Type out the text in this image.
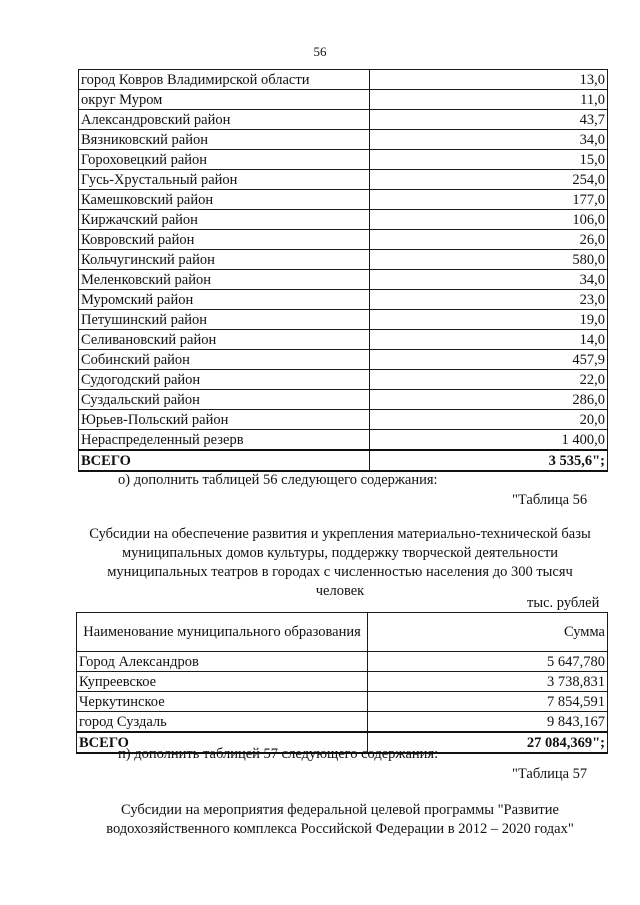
56
город Ковров Владимирской области	13,0
округ Муром	11,0
Александровский район	43,7
Вязниковский район	34,0
Гороховецкий район	15,0
Гусь-Хрустальный район	254,0
Камешковский район	177,0
Киржачский район	106,0
Ковровский район	26,0
Кольчугинский район	580,0
Меленковский район	34,0
Муромский район	23,0
Петушинский район	19,0
Селивановский район	14,0
Собинский район	457,9
Судогодский район	22,0
Суздальский район	286,0
Юрьев-Польский район	20,0
Нераспределенный резерв	1 400,0
ВСЕГО	3 535,6";
о) дополнить таблицей 56 следующего содержания:
"Таблица 56
Субсидии на обеспечение развития и укрепления материально-технической базы
муниципальных домов культуры, поддержку творческой деятельности
муниципальных театров в городах с численностью населения до 300 тысяч
человек
тыс. рублей
Наименование муниципального образования	Сумма
Город Александров	5 647,780
Купреевское	3 738,831
Черкутинское	7 854,591
город Суздаль	9 843,167
ВСЕГО	27 084,369";
п) дополнить таблицей 57 следующего содержания:
"Таблица 57
Субсидии на мероприятия федеральной целевой программы "Развитие
водохозяйственного комплекса Российской Федерации в 2012 – 2020 годах"
